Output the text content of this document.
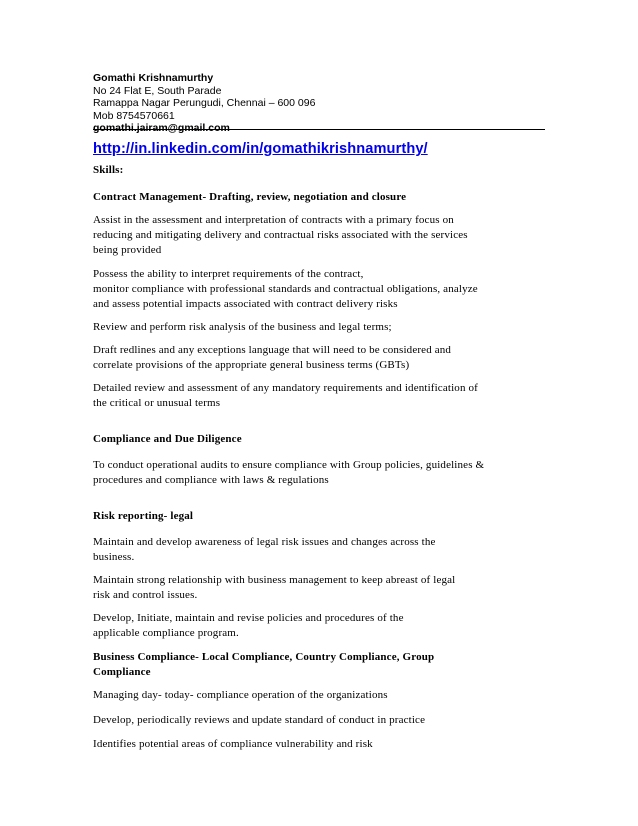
Gomathi Krishnamurthy
No 24 Flat E, South Parade
Ramappa Nagar Perungudi, Chennai – 600 096
Mob 8754570661
gomathi.jairam@gmail.com
http://in.linkedin.com/in/gomathikrishnamurthy/
Skills:
Contract Management- Drafting, review, negotiation and closure
Assist in the assessment and interpretation of contracts with a primary focus on
reducing and mitigating delivery and contractual risks associated with the services
being provided
Possess the ability to interpret requirements of the contract,
monitor compliance with professional standards and contractual obligations, analyze
and assess potential impacts associated with contract delivery risks
Review and perform risk analysis of the business and legal terms;
Draft redlines and any exceptions language that will need to be considered and
correlate provisions of the appropriate general business terms (GBTs)
Detailed review and assessment of any mandatory requirements and identification of
the critical or unusual terms
Compliance and Due Diligence
To conduct operational audits to ensure compliance with Group policies, guidelines &
procedures and compliance with laws & regulations
Risk reporting- legal
Maintain and develop awareness of legal risk issues and changes across the
business.
Maintain strong relationship with business management to keep abreast of legal
risk and control issues.
Develop, Initiate, maintain and revise policies and procedures of the
applicable compliance program.
Business Compliance- Local Compliance, Country Compliance, Group
Compliance
Managing day- today- compliance operation of the organizations
Develop, periodically reviews and update standard of conduct in practice
Identifies potential areas of compliance vulnerability and risk
